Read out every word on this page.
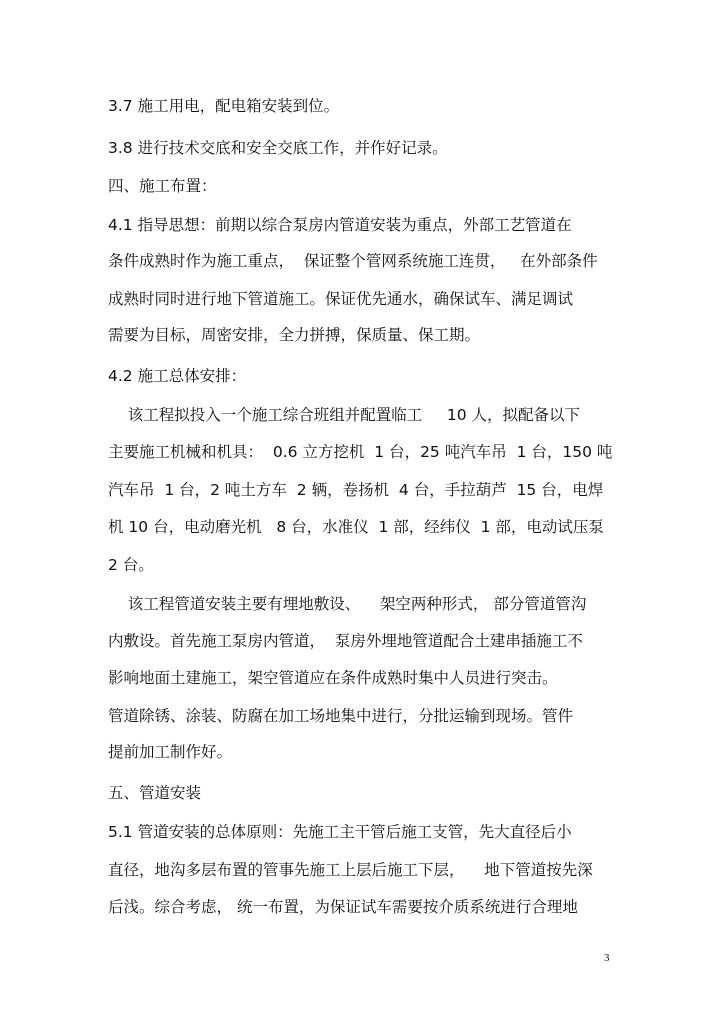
3.7 施工用电，配电箱安装到位。

3.8 进行技术交底和安全交底工作，并作好记录。

四、施工布置：

4.1 指导思想：前期以综合泵房内管道安装为重点，外部工艺管道在

条件成熟时作为施工重点，  保证整个管网系统施工连贯，   在外部条件

成熟时同时进行地下管道施工。保证优先通水，确保试车、满足调试

需要为目标，周密安排，全力拼搏，保质量、保工期。

4.2 施工总体安排：

该工程拟投入一个施工综合班组并配置临工     10 人，拟配备以下

主要施工机械和机具：  0.6 立方挖机  1 台，25 吨汽车吊  1 台，150 吨

汽车吊  1 台，2 吨土方车  2 辆，卷扬机  4 台，手拉葫芦  15 台，电焊

机 10 台，电动磨光机   8 台，水准仪  1 部，经纬仪  1 部，电动试压泵

2 台。

该工程管道安装主要有埋地敷设、    架空两种形式， 部分管道管沟

内敷设。首先施工泵房内管道，  泵房外埋地管道配合土建串插施工不

影响地面土建施工，架空管道应在条件成熟时集中人员进行突击。

管道除锈、涂装、防腐在加工场地集中进行，分批运输到现场。管件

提前加工制作好。

五、管道安装

5.1 管道安装的总体原则：先施工主干管后施工支管，先大直径后小

直径，地沟多层布置的管事先施工上层后施工下层，    地下管道按先深

后浅。综合考虑， 统一布置，为保证试车需要按介质系统进行合理地

3
